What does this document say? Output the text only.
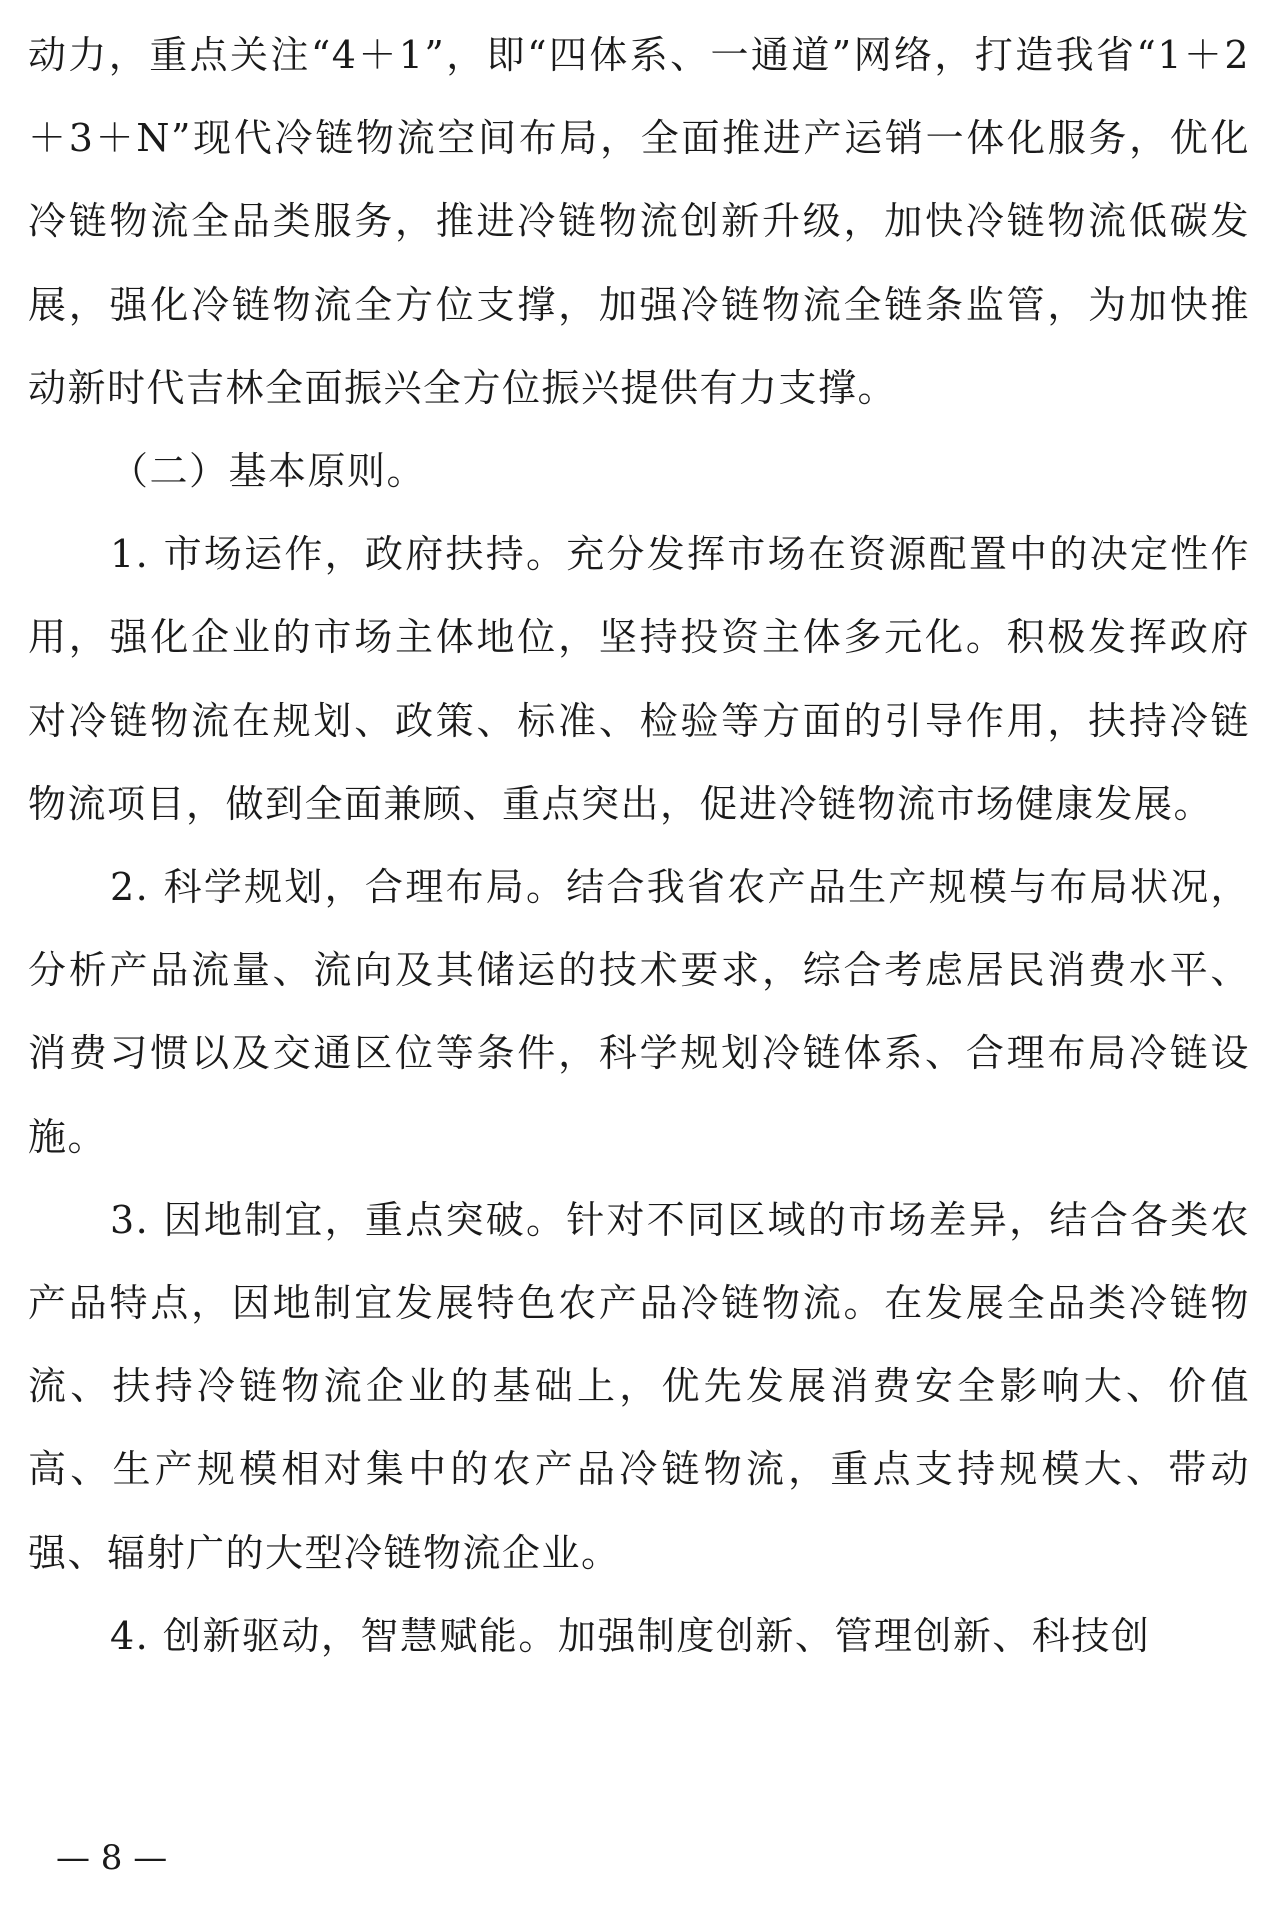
动力，重点关注“4＋1”，即“四体系、一通道”网络，打造我省“1＋2＋3＋N”现代冷链物流空间布局，全面推进产运销一体化服务，优化冷链物流全品类服务，推进冷链物流创新升级，加快冷链物流低碳发展，强化冷链物流全方位支撑，加强冷链物流全链条监管，为加快推动新时代吉林全面振兴全方位振兴提供有力支撑。

（二）基本原则。

1. 市场运作，政府扶持。充分发挥市场在资源配置中的决定性作用，强化企业的市场主体地位，坚持投资主体多元化。积极发挥政府对冷链物流在规划、政策、标准、检验等方面的引导作用，扶持冷链物流项目，做到全面兼顾、重点突出，促进冷链物流市场健康发展。

2. 科学规划，合理布局。结合我省农产品生产规模与布局状况，分析产品流量、流向及其储运的技术要求，综合考虑居民消费水平、消费习惯以及交通区位等条件，科学规划冷链体系、合理布局冷链设施。

3. 因地制宜，重点突破。针对不同区域的市场差异，结合各类农产品特点，因地制宜发展特色农产品冷链物流。在发展全品类冷链物流、扶持冷链物流企业的基础上，优先发展消费安全影响大、价值高、生产规模相对集中的农产品冷链物流，重点支持规模大、带动强、辐射广的大型冷链物流企业。

4. 创新驱动，智慧赋能。加强制度创新、管理创新、科技创

— 8 —
